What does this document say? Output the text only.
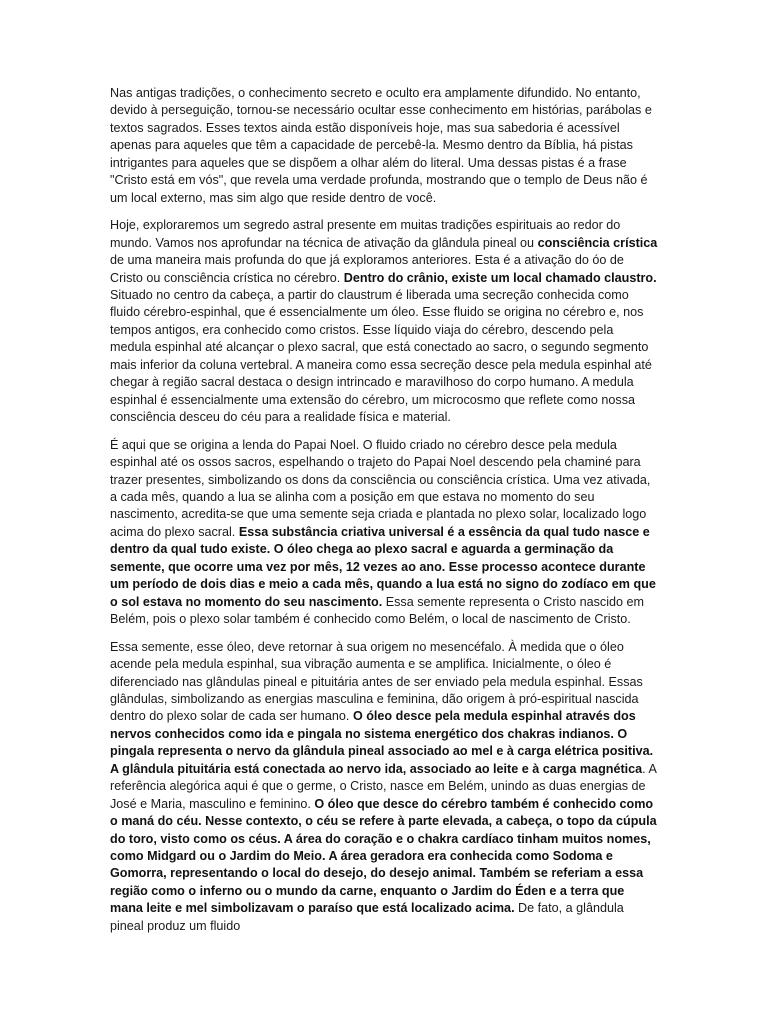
Nas antigas tradições, o conhecimento secreto e oculto era amplamente difundido. No entanto, devido à perseguição, tornou-se necessário ocultar esse conhecimento em histórias, parábolas e textos sagrados. Esses textos ainda estão disponíveis hoje, mas sua sabedoria é acessível apenas para aqueles que têm a capacidade de percebê-la. Mesmo dentro da Bíblia, há pistas intrigantes para aqueles que se dispõem a olhar além do literal. Uma dessas pistas é a frase "Cristo está em vós", que revela uma verdade profunda, mostrando que o templo de Deus não é um local externo, mas sim algo que reside dentro de você.

Hoje, exploraremos um segredo astral presente em muitas tradições espirituais ao redor do mundo. Vamos nos aprofundar na técnica de ativação da glândula pineal ou consciência crística de uma maneira mais profunda do que já exploramos anteriores. Esta é a ativação do óo de Cristo ou consciência crística no cérebro. Dentro do crânio, existe um local chamado claustro. Situado no centro da cabeça, a partir do claustrum é liberada uma secreção conhecida como fluido cérebro-espinhal, que é essencialmente um óleo. Esse fluido se origina no cérebro e, nos tempos antigos, era conhecido como cristos. Esse líquido viaja do cérebro, descendo pela medula espinhal até alcançar o plexo sacral, que está conectado ao sacro, o segundo segmento mais inferior da coluna vertebral. A maneira como essa secreção desce pela medula espinhal até chegar à região sacral destaca o design intrincado e maravilhoso do corpo humano. A medula espinhal é essencialmente uma extensão do cérebro, um microcosmo que reflete como nossa consciência desceu do céu para a realidade física e material.

É aqui que se origina a lenda do Papai Noel. O fluido criado no cérebro desce pela medula espinhal até os ossos sacros, espelhando o trajeto do Papai Noel descendo pela chaminé para trazer presentes, simbolizando os dons da consciência ou consciência crística. Uma vez ativada, a cada mês, quando a lua se alinha com a posição em que estava no momento do seu nascimento, acredita-se que uma semente seja criada e plantada no plexo solar, localizado logo acima do plexo sacral. Essa substância criativa universal é a essência da qual tudo nasce e dentro da qual tudo existe. O óleo chega ao plexo sacral e aguarda a germinação da semente, que ocorre uma vez por mês, 12 vezes ao ano. Esse processo acontece durante um período de dois dias e meio a cada mês, quando a lua está no signo do zodíaco em que o sol estava no momento do seu nascimento. Essa semente representa o Cristo nascido em Belém, pois o plexo solar também é conhecido como Belém, o local de nascimento de Cristo.

Essa semente, esse óleo, deve retornar à sua origem no mesencéfalo. À medida que o óleo acende pela medula espinhal, sua vibração aumenta e se amplifica. Inicialmente, o óleo é diferenciado nas glândulas pineal e pituitária antes de ser enviado pela medula espinhal. Essas glândulas, simbolizando as energias masculina e feminina, dão origem à pró-espiritual nascida dentro do plexo solar de cada ser humano. O óleo desce pela medula espinhal através dos nervos conhecidos como ida e pingala no sistema energético dos chakras indianos. O pingala representa o nervo da glândula pineal associado ao mel e à carga elétrica positiva. A glândula pituitária está conectada ao nervo ida, associado ao leite e à carga magnética. A referência alegórica aqui é que o germe, o Cristo, nasce em Belém, unindo as duas energias de José e Maria, masculino e feminino. O óleo que desce do cérebro também é conhecido como o maná do céu. Nesse contexto, o céu se refere à parte elevada, a cabeça, o topo da cúpula do toro, visto como os céus. A área do coração e o chakra cardíaco tinham muitos nomes, como Midgard ou o Jardim do Meio. A área geradora era conhecida como Sodoma e Gomorra, representando o local do desejo, do desejo animal. Também se referiam a essa região como o inferno ou o mundo da carne, enquanto o Jardim do Éden e a terra que mana leite e mel simbolizavam o paraíso que está localizado acima. De fato, a glândula pineal produz um fluido
